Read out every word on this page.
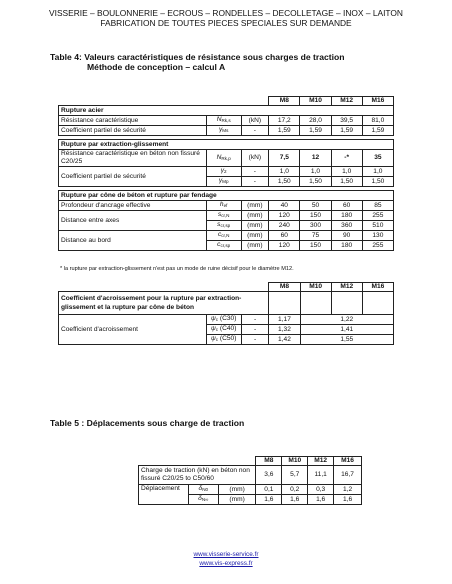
VISSERIE – BOULONNERIE – ECROUS – RONDELLES – DECOLLETAGE – INOX – LAITON
FABRICATION DE TOUTES PIECES SPECIALES SUR DEMANDE
Table 4: Valeurs caractéristiques de résistance sous charges de traction
Méthode de conception – calcul A
			M8	M10	M12	M16
Rupture acier						
Résistance caractéristique	$N_{Rk,s}$	(kN)	17,2	28,0	39,5	81,0
Coefficient partiel de sécurité	$\gamma_{Ms}$	-	1,59	1,59	1,59	1,59

Rupture par extraction-glissement						
Résistance caractéristique en béton non fissuré C20/25	$N_{Rk,p}$	(kN)	7,5	12	-*	35
Coefficient partiel de sécurité	$\gamma_2$	-	1,0	1,0	1,0	1,0
	$\gamma_{Mp}$	-	1,50	1,50	1,50	1,50

Rupture par cône de béton et rupture par fendage						
Profondeur d'ancrage effective	$h_{ef}$	(mm)	40	50	60	85
Distance entre axes	$s_{cr,N}$	(mm)	120	150	180	255
	$s_{cr,sp}$	(mm)	240	300	360	510
Distance au bord	$c_{cr,N}$	(mm)	60	75	90	130
	$c_{cr,sp}$	(mm)	120	150	180	255
* la rupture par extraction-glissement n'est pas un mode de ruine décisif pour le diamètre M12.
			M8	M10	M12	M16
Coefficient d'acroissement pour la rupture par extraction-glissement et la rupture par cône de béton						
Coefficient d'acroissement	$\psi_c$ (C30)	-	1,17	1,22		
	$\psi_c$ (C40)	-	1,32	1,41		
	$\psi_c$ (C50)	-	1,42	1,55		
Table 5 : Déplacements sous charge de traction
			M8	M10	M12	M16
Charge de traction (kN) en béton non fissuré C20/25 to C50/60			3,6	5,7	11,1	16,7
Déplacement	$\delta_{N0}$	(mm)	0,1	0,2	0,3	1,2
	$\delta_{N\infty}$	(mm)	1,6	1,6	1,6	1,6
www.visserie-service.fr
www.vis-express.fr
